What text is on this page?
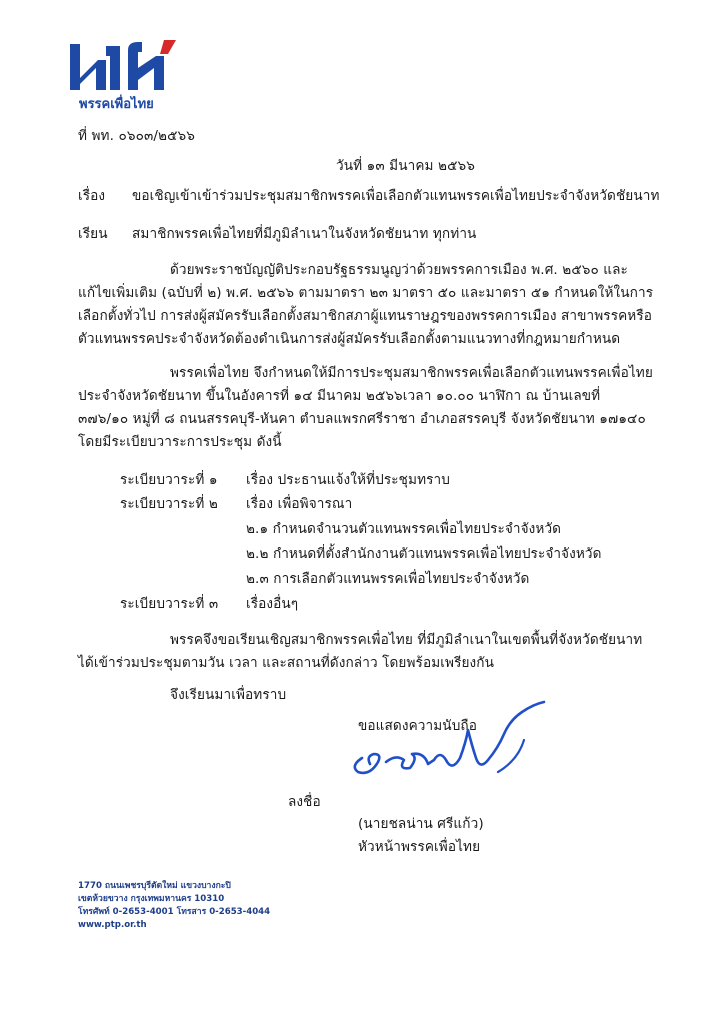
พรรคเพื่อไทย
ที่ พท. ๐๖๐๓/๒๕๖๖
วันที่ ๑๓ มีนาคม ๒๕๖๖
เรื่อง ขอเชิญเข้าเข้าร่วมประชุมสมาชิกพรรคเพื่อเลือกตัวแทนพรรคเพื่อไทยประจำจังหวัดชัยนาท
เรียน สมาชิกพรรคเพื่อไทยที่มีภูมิลำเนาในจังหวัดชัยนาท ทุกท่าน
ด้วยพระราชบัญญัติประกอบรัฐธรรมนูญว่าด้วยพรรคการเมือง พ.ศ. ๒๕๖๐ และ
แก้ไขเพิ่มเติม (ฉบับที่ ๒) พ.ศ. ๒๕๖๖ ตามมาตรา ๒๓ มาตรา ๕๐ และมาตรา ๕๑ กำหนดให้ในการ
เลือกตั้งทั่วไป การส่งผู้สมัครรับเลือกตั้งสมาชิกสภาผู้แทนราษฎรของพรรคการเมือง สาขาพรรคหรือ
ตัวแทนพรรคประจำจังหวัดต้องดำเนินการส่งผู้สมัครรับเลือกตั้งตามแนวทางที่กฎหมายกำหนด
พรรคเพื่อไทย จึงกำหนดให้มีการประชุมสมาชิกพรรคเพื่อเลือกตัวแทนพรรคเพื่อไทย
ประจำจังหวัดชัยนาท ขึ้นในอังคารที่ ๑๔ มีนาคม ๒๕๖๖เวลา ๑๐.๐๐ นาฬิกา ณ บ้านเลขที่
๓๗๖/๑๐ หมู่ที่ ๘ ถนนสรรคบุรี-หันคา ตำบลแพรกศรีราชา อำเภอสรรคบุรี จังหวัดชัยนาท ๑๗๑๔๐
โดยมีระเบียบวาระการประชุม ดังนี้
ระเบียบวาระที่ ๑ เรื่อง ประธานแจ้งให้ที่ประชุมทราบ
ระเบียบวาระที่ ๒ เรื่อง เพื่อพิจารณา
๒.๑ กำหนดจำนวนตัวแทนพรรคเพื่อไทยประจำจังหวัด
๒.๒ กำหนดที่ตั้งสำนักงานตัวแทนพรรคเพื่อไทยประจำจังหวัด
๒.๓ การเลือกตัวแทนพรรคเพื่อไทยประจำจังหวัด
ระเบียบวาระที่ ๓ เรื่องอื่นๆ
พรรคจึงขอเรียนเชิญสมาชิกพรรคเพื่อไทย ที่มีภูมิลำเนาในเขตพื้นที่จังหวัดชัยนาท
ได้เข้าร่วมประชุมตามวัน เวลา และสถานที่ดังกล่าว โดยพร้อมเพรียงกัน
จึงเรียนมาเพื่อทราบ
ขอแสดงความนับถือ
ลงชื่อ
(นายชลน่าน ศรีแก้ว)
หัวหน้าพรรคเพื่อไทย
1770 ถนนเพชรบุรีตัดใหม่ แขวงบางกะปิ
เขตห้วยขวาง กรุงเทพมหานคร 10310
โทรศัพท์ 0-2653-4001 โทรสาร 0-2653-4044
www.ptp.or.th
